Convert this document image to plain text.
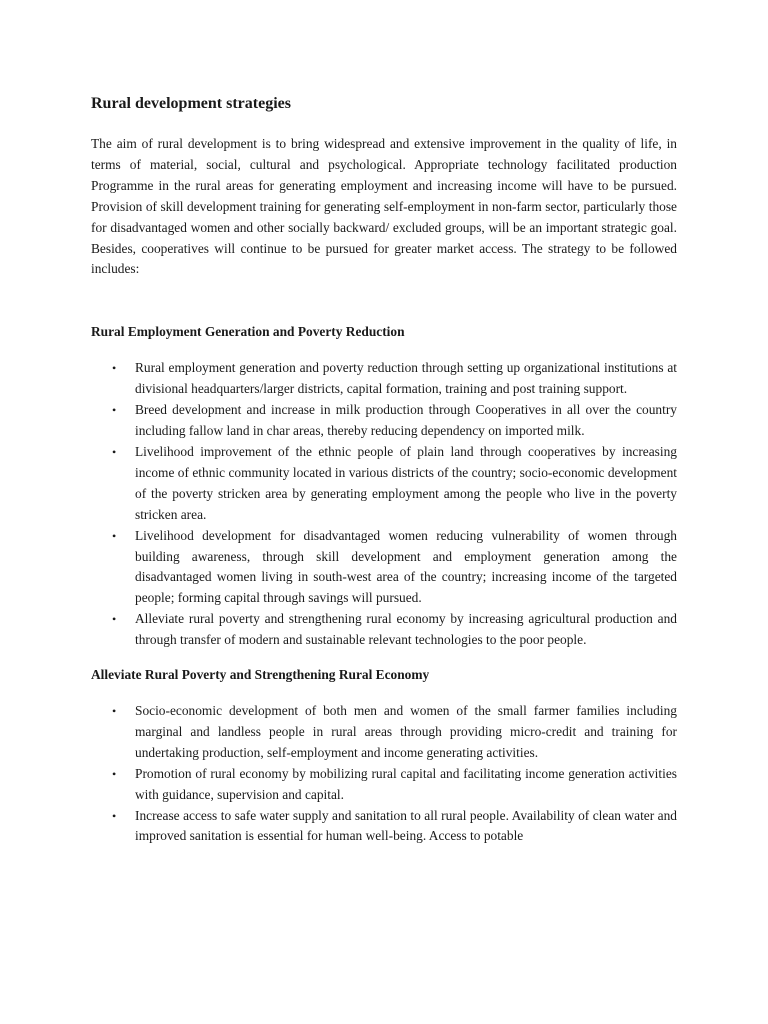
Rural development strategies

The aim of rural development is to bring widespread and extensive improvement in the quality of life, in terms of material, social, cultural and psychological. Appropriate technology facilitated production Programme in the rural areas for generating employment and increasing income will have to be pursued. Provision of skill development training for generating self-employment in non-farm sector, particularly those for disadvantaged women and other socially backward/ excluded groups, will be an important strategic goal. Besides, cooperatives will continue to be pursued for greater market access. The strategy to be followed includes:

Rural Employment Generation and Poverty Reduction
• Rural employment generation and poverty reduction through setting up organizational institutions at divisional headquarters/larger districts, capital formation, training and post training support.
• Breed development and increase in milk production through Cooperatives in all over the country including fallow land in char areas, thereby reducing dependency on imported milk.
• Livelihood improvement of the ethnic people of plain land through cooperatives by increasing income of ethnic community located in various districts of the country; socio-economic development of the poverty stricken area by generating employment among the people who live in the poverty stricken area.
• Livelihood development for disadvantaged women reducing vulnerability of women through building awareness, through skill development and employment generation among the disadvantaged women living in south-west area of the country; increasing income of the targeted people; forming capital through savings will pursued.
• Alleviate rural poverty and strengthening rural economy by increasing agricultural production and through transfer of modern and sustainable relevant technologies to the poor people.
Alleviate Rural Poverty and Strengthening Rural Economy
• Socio-economic development of both men and women of the small farmer families including marginal and landless people in rural areas through providing micro-credit and training for undertaking production, self-employment and income generating activities.
• Promotion of rural economy by mobilizing rural capital and facilitating income generation activities with guidance, supervision and capital.
• Increase access to safe water supply and sanitation to all rural people. Availability of clean water and improved sanitation is essential for human well-being. Access to potable
